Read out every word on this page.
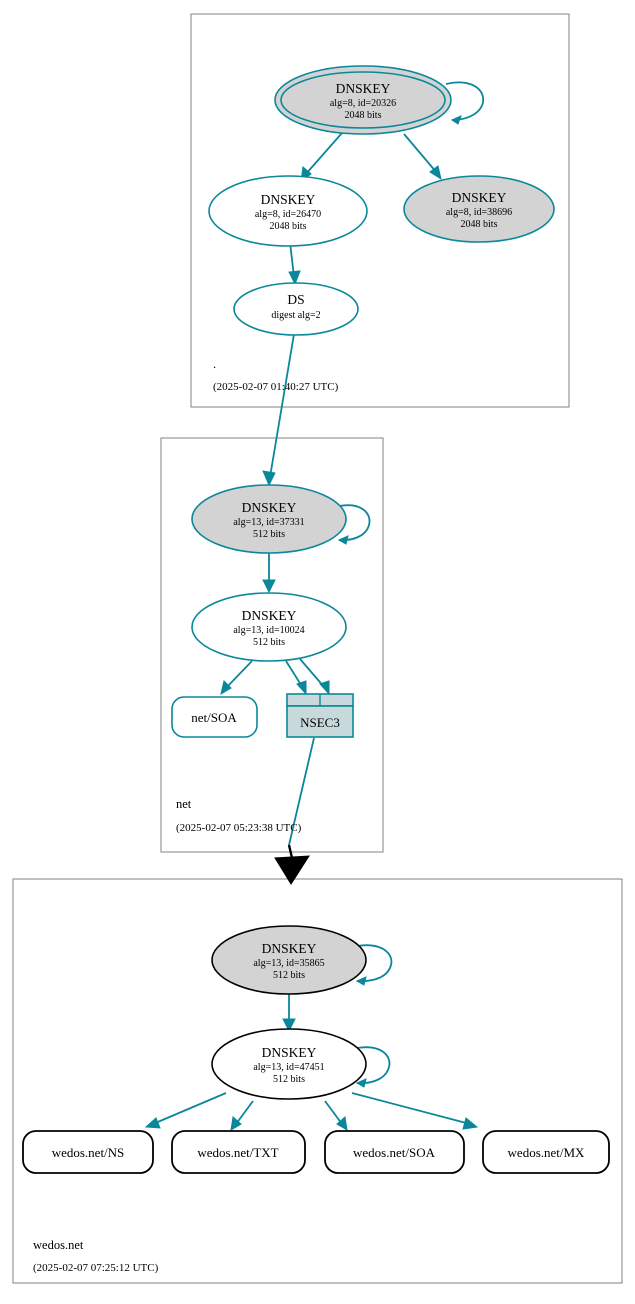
DNSKEY
alg=8, id=20326
2048 bits
DNSKEY
alg=8, id=26470
2048 bits
DNSKEY
alg=8, id=38696
2048 bits
DS
digest alg=2
.
(2025-02-07 01:40:27 UTC)
DNSKEY
alg=13, id=37331
512 bits
DNSKEY
alg=13, id=10024
512 bits
net/SOA	NSEC3
net
(2025-02-07 05:23:38 UTC)
DNSKEY
alg=13, id=35865
512 bits
DNSKEY
alg=13, id=47451
512 bits
wedos.net/NS	wedos.net/TXT	wedos.net/SOA	wedos.net/MX
wedos.net
(2025-02-07 07:25:12 UTC)
